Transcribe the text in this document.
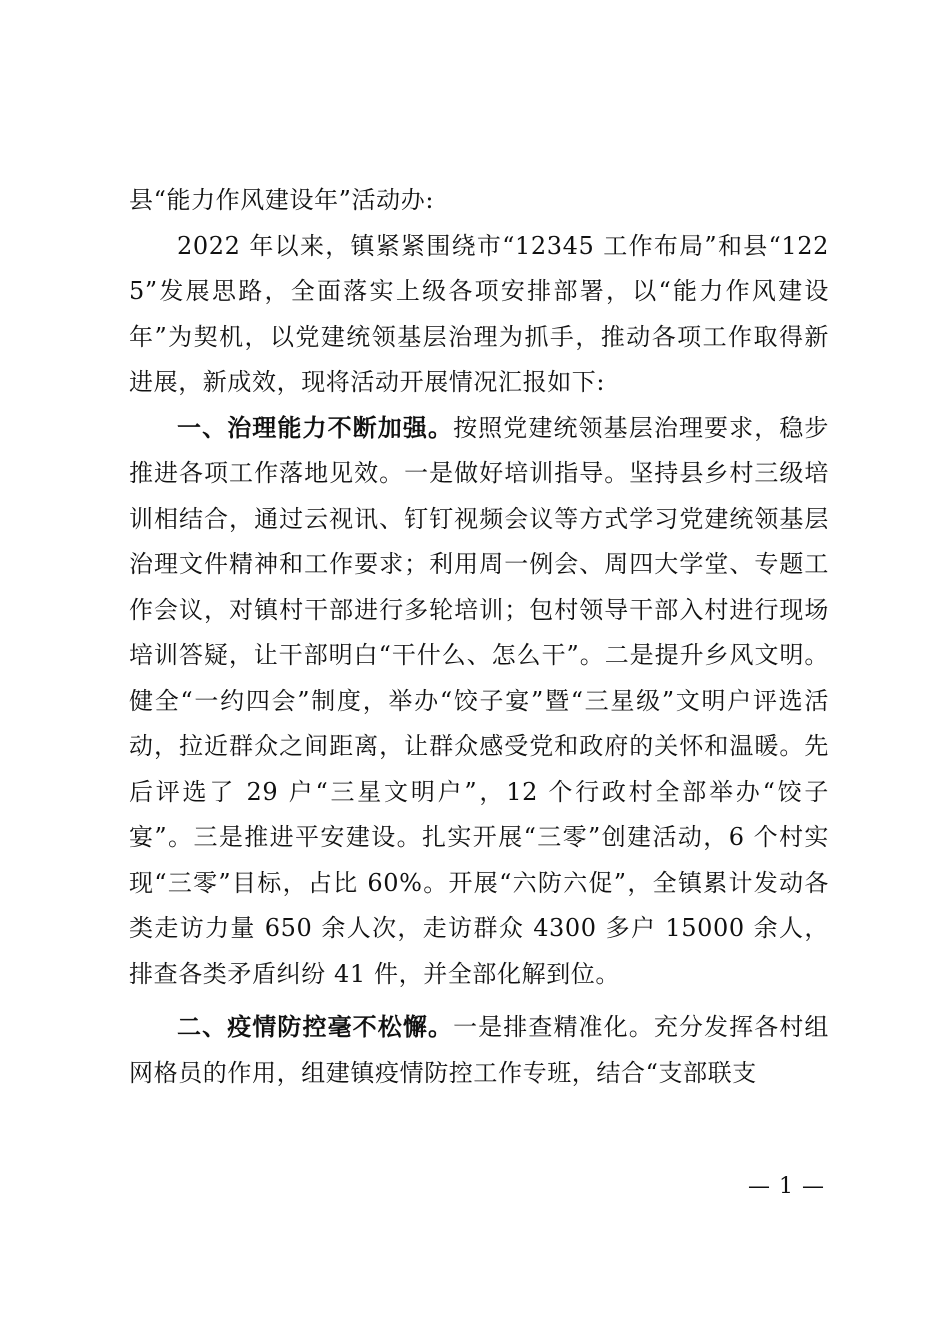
县“能力作风建设年”活动办:

2022 年以来，镇紧紧围绕市“12345 工作布局”和县“1225”发展思路，全面落实上级各项安排部署，以“能力作风建设年”为契机，以党建统领基层治理为抓手，推动各项工作取得新进展，新成效，现将活动开展情况汇报如下:

一、治理能力不断加强。按照党建统领基层治理要求，稳步推进各项工作落地见效。一是做好培训指导。坚持县乡村三级培训相结合，通过云视讯、钉钉视频会议等方式学习党建统领基层治理文件精神和工作要求；利用周一例会、周四大学堂、专题工作会议，对镇村干部进行多轮培训；包村领导干部入村进行现场培训答疑，让干部明白“干什么、怎么干”。二是提升乡风文明。健全“一约四会”制度，举办“饺子宴”暨“三星级”文明户评选活动，拉近群众之间距离，让群众感受党和政府的关怀和温暖。先后评选了 29 户“三星文明户”，12 个行政村全部举办“饺子宴”。三是推进平安建设。扎实开展“三零”创建活动，6 个村实现“三零”目标，占比 60%。开展“六防六促”，全镇累计发动各类走访力量 650 余人次，走访群众 4300 多户 15000 余人，排查各类矛盾纠纷 41 件，并全部化解到位。

二、疫情防控毫不松懈。一是排查精准化。充分发挥各村组网格员的作用，组建镇疫情防控工作专班，结合“支部联支

— 1 —
